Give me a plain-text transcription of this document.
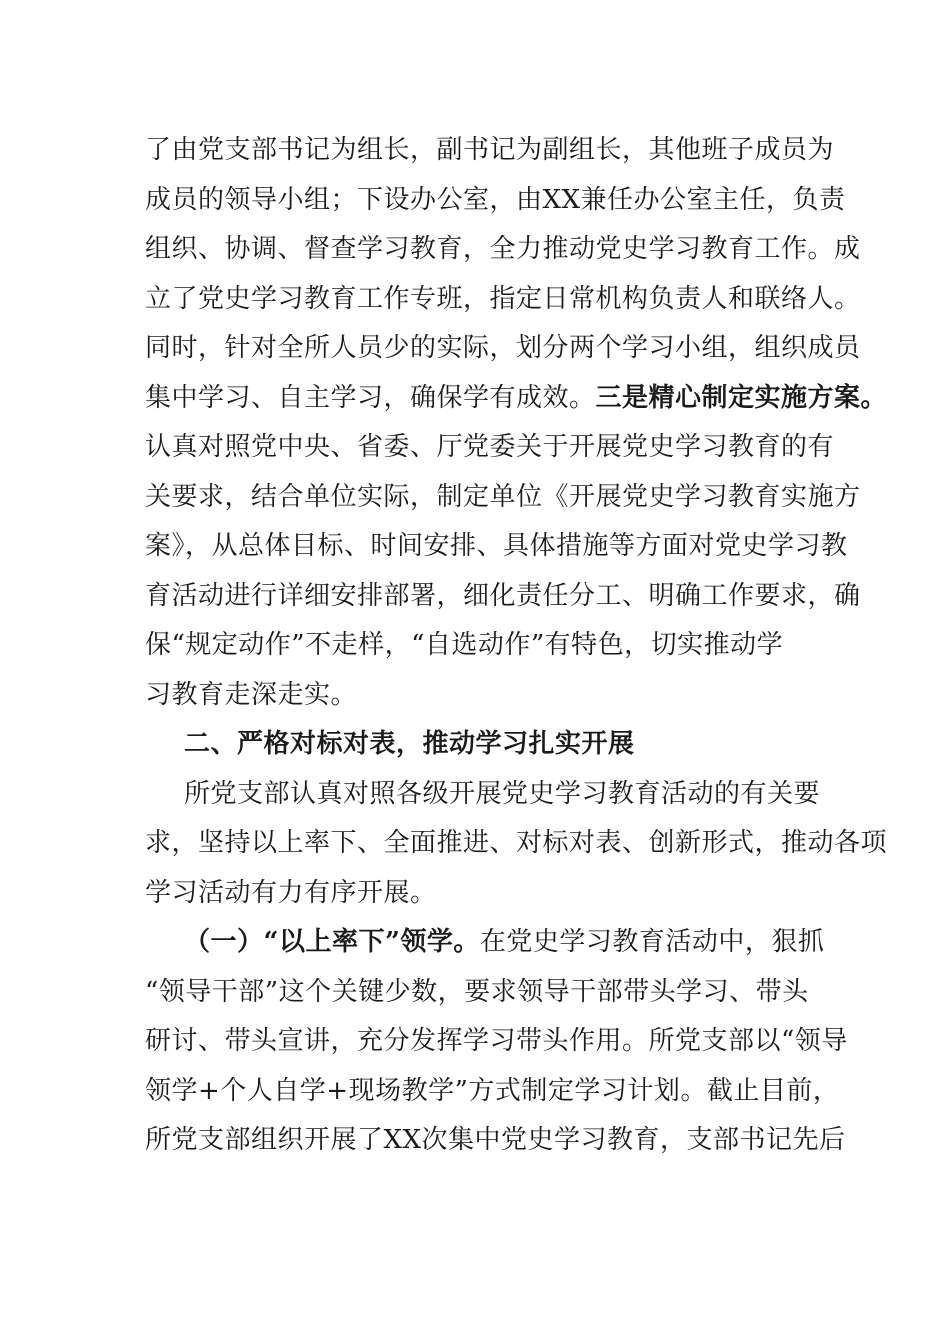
了由党支部书记为组长，副书记为副组长，其他班子成员为
成员的领导小组；下设办公室，由XX兼任办公室主任，负责
组织、协调、督查学习教育，全力推动党史学习教育工作。成
立了党史学习教育工作专班，指定日常机构负责人和联络人。
同时，针对全所人员少的实际，划分两个学习小组，组织成员
集中学习、自主学习，确保学有成效。三是精心制定实施方案。
认真对照党中央、省委、厅党委关于开展党史学习教育的有
关要求，结合单位实际，制定单位《开展党史学习教育实施方
案》，从总体目标、时间安排、具体措施等方面对党史学习教
育活动进行详细安排部署，细化责任分工、明确工作要求，确
保“规定动作”不走样，“自选动作”有特色，切实推动学
习教育走深走实。
二、严格对标对表，推动学习扎实开展
所党支部认真对照各级开展党史学习教育活动的有关要
求，坚持以上率下、全面推进、对标对表、创新形式，推动各项
学习活动有力有序开展。
（一）“以上率下”领学。在党史学习教育活动中，狠抓
“领导干部”这个关键少数，要求领导干部带头学习、带头
研讨、带头宣讲，充分发挥学习带头作用。所党支部以“领导
领学+个人自学+现场教学”方式制定学习计划。截止目前，
所党支部组织开展了XX次集中党史学习教育，支部书记先后
